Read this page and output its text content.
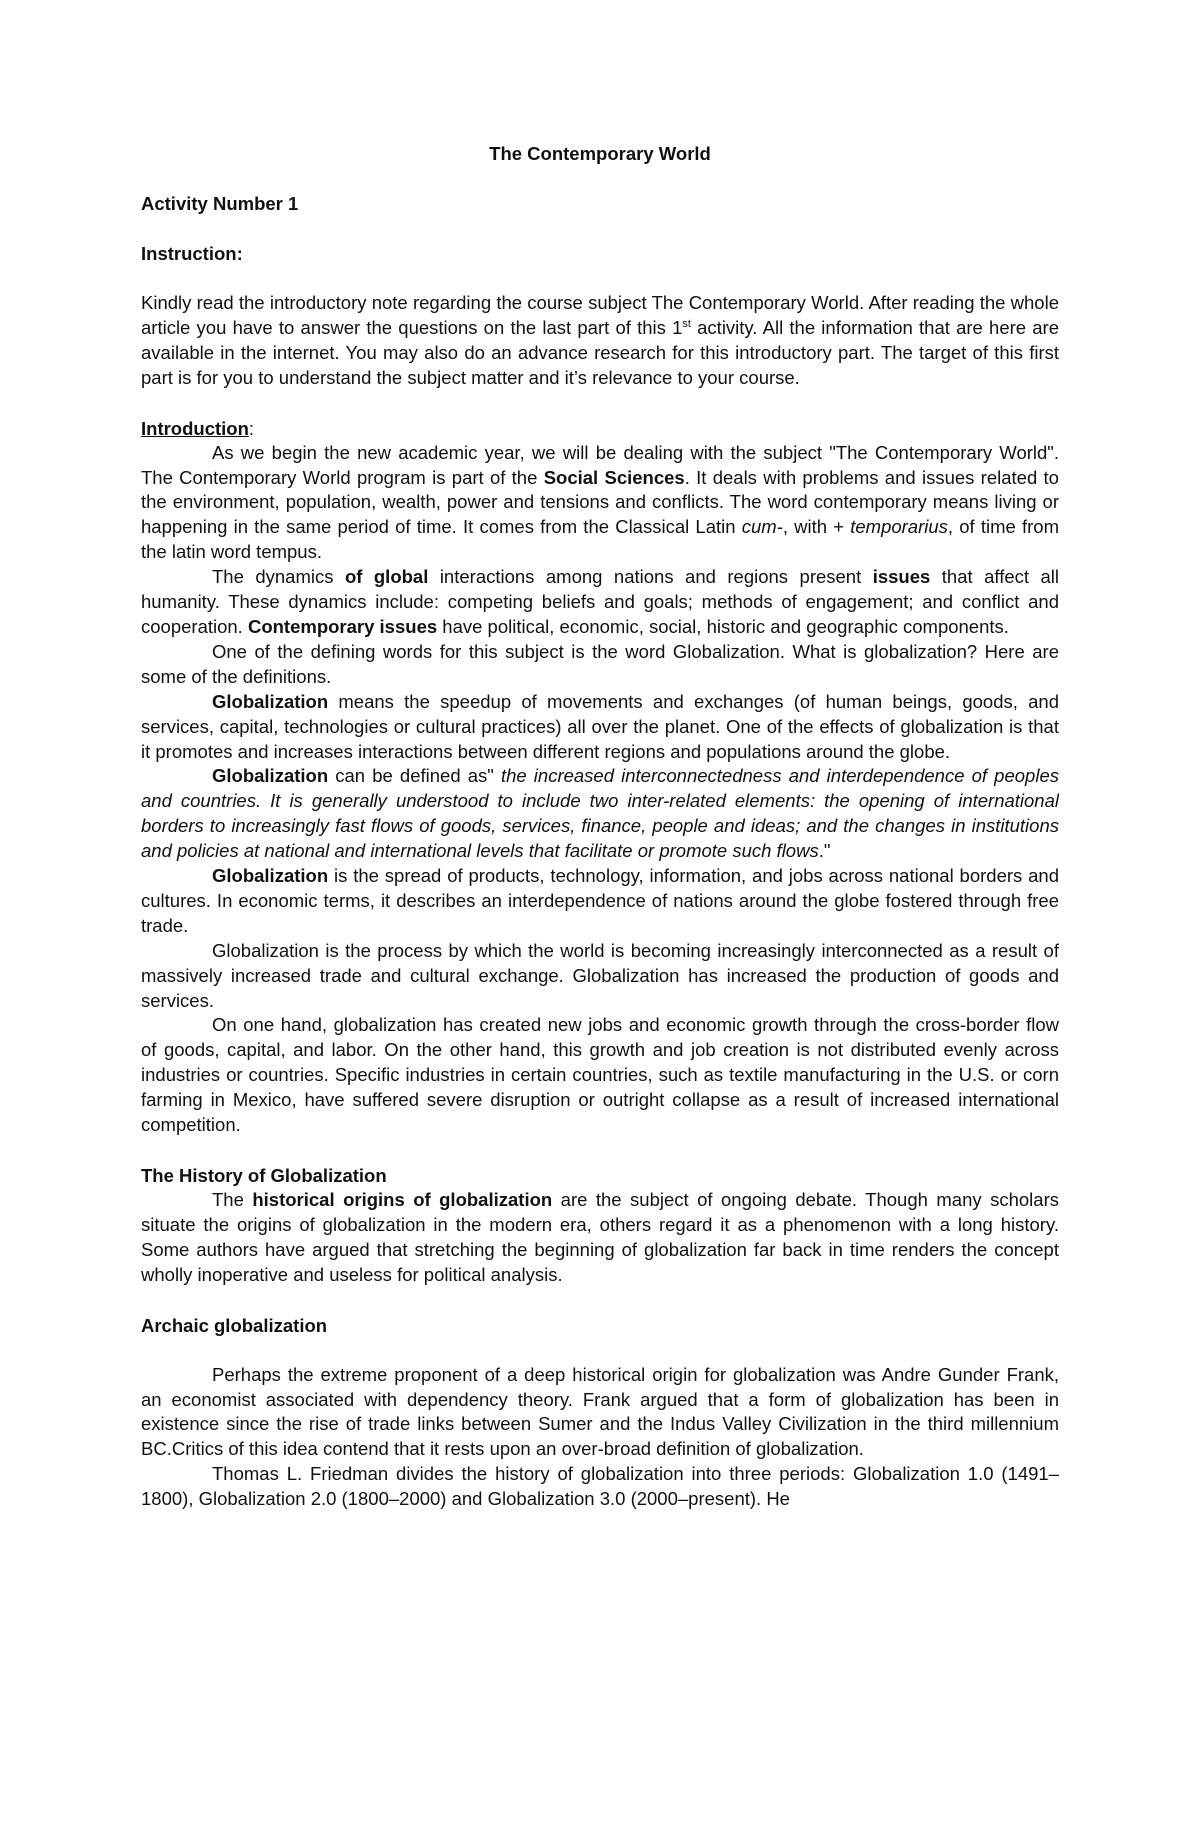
The Contemporary World

Activity Number 1

Instruction:

Kindly read the introductory note regarding the course subject The Contemporary World. After reading the whole article you have to answer the questions on the last part of this 1st activity. All the information that are here are available in the internet. You may also do an advance research for this introductory part. The target of this first part is for you to understand the subject matter and it’s relevance to your course.

Introduction:

As we begin the new academic year, we will be dealing with the subject "The Contemporary World". The Contemporary World program is part of the Social Sciences. It deals with problems and issues related to the environment, population, wealth, power and tensions and conflicts. The word contemporary means living or happening in the same period of time. It comes from the Classical Latin cum-, with + temporarius, of time from the latin word tempus.

The dynamics of global interactions among nations and regions present issues that affect all humanity. These dynamics include: competing beliefs and goals; methods of engagement; and conflict and cooperation. Contemporary issues have political, economic, social, historic and geographic components.

One of the defining words for this subject is the word Globalization. What is globalization? Here are some of the definitions.

Globalization means the speedup of movements and exchanges (of human beings, goods, and services, capital, technologies or cultural practices) all over the planet. One of the effects of globalization is that it promotes and increases interactions between different regions and populations around the globe.

Globalization can be defined as" the increased interconnectedness and interdependence of peoples and countries. It is generally understood to include two inter-related elements: the opening of international borders to increasingly fast flows of goods, services, finance, people and ideas; and the changes in institutions and policies at national and international levels that facilitate or promote such flows."

Globalization is the spread of products, technology, information, and jobs across national borders and cultures. In economic terms, it describes an interdependence of nations around the globe fostered through free trade.

Globalization is the process by which the world is becoming increasingly interconnected as a result of massively increased trade and cultural exchange. Globalization has increased the production of goods and services.

On one hand, globalization has created new jobs and economic growth through the cross-border flow of goods, capital, and labor. On the other hand, this growth and job creation is not distributed evenly across industries or countries. Specific industries in certain countries, such as textile manufacturing in the U.S. or corn farming in Mexico, have suffered severe disruption or outright collapse as a result of increased international competition.

The History of Globalization

The historical origins of globalization are the subject of ongoing debate. Though many scholars situate the origins of globalization in the modern era, others regard it as a phenomenon with a long history. Some authors have argued that stretching the beginning of globalization far back in time renders the concept wholly inoperative and useless for political analysis.

Archaic globalization

Perhaps the extreme proponent of a deep historical origin for globalization was Andre Gunder Frank, an economist associated with dependency theory. Frank argued that a form of globalization has been in existence since the rise of trade links between Sumer and the Indus Valley Civilization in the third millennium BC.Critics of this idea contend that it rests upon an over-broad definition of globalization.

Thomas L. Friedman divides the history of globalization into three periods: Globalization 1.0 (1491–1800), Globalization 2.0 (1800–2000) and Globalization 3.0 (2000–present). He
